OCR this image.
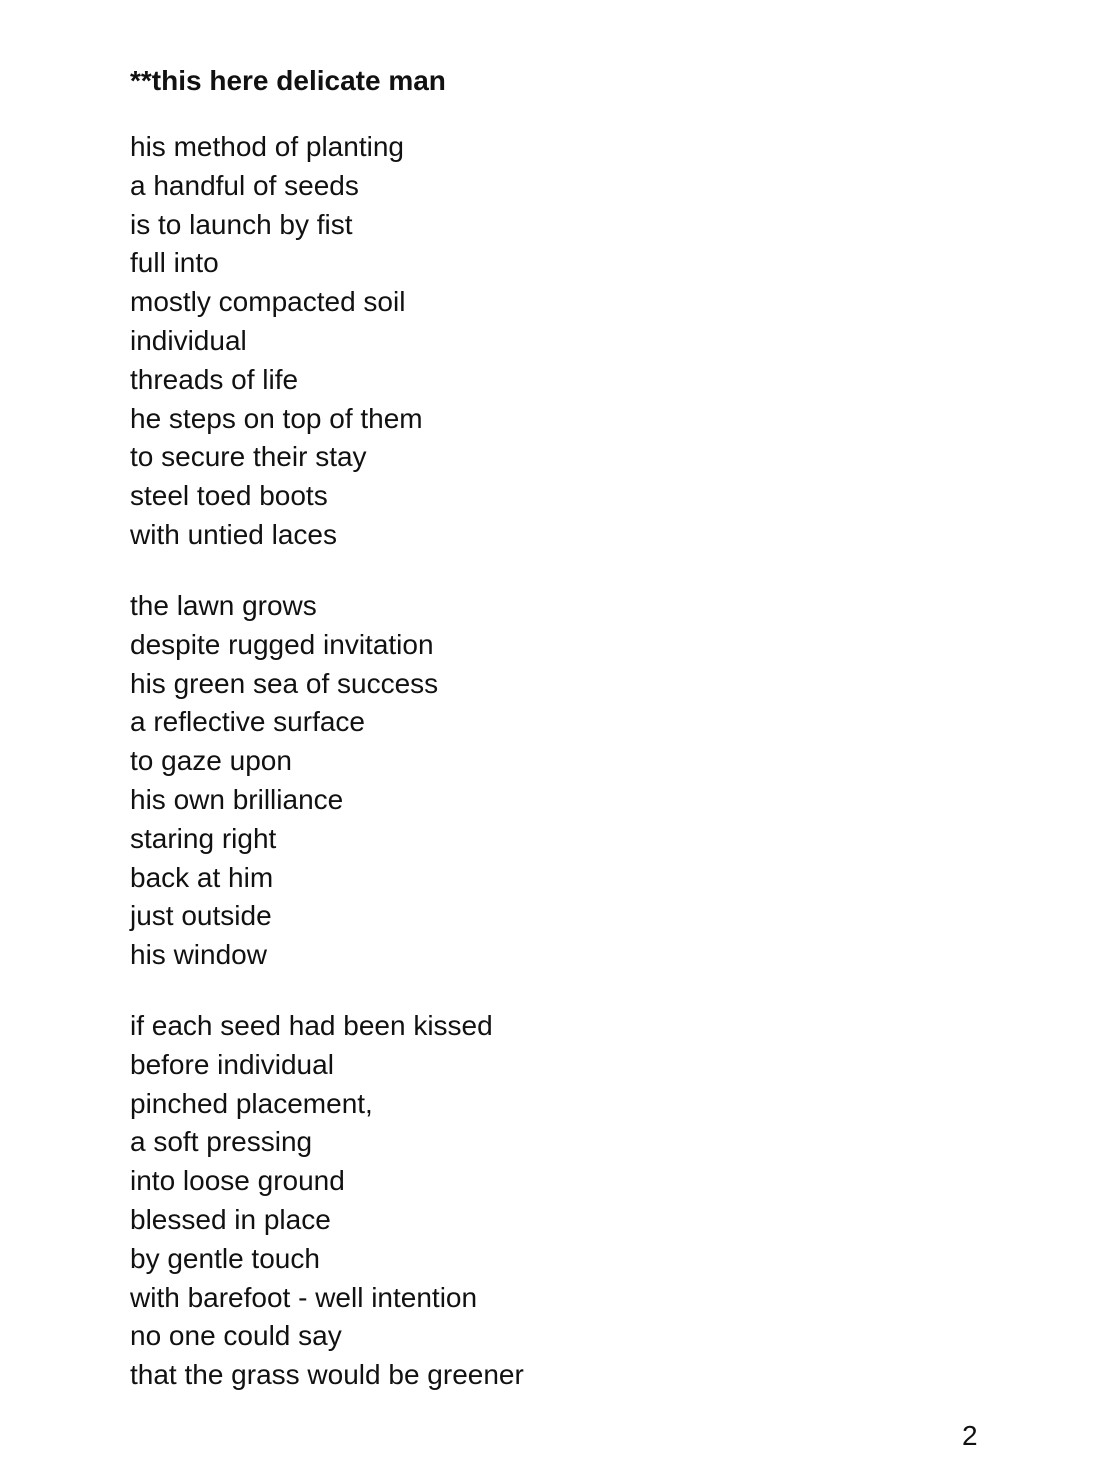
**this here delicate man
his method of planting
a handful of seeds
is to launch by fist
full into
mostly compacted soil
individual
threads of life
he steps on top of them
to secure their stay
steel toed boots
with untied laces
the lawn grows
despite rugged invitation
his green sea of success
a reflective surface
to gaze upon
his own brilliance
staring right
back at him
just outside
his window
if each seed had been kissed
before individual
pinched placement,
a soft pressing
into loose ground
blessed in place
by gentle touch
with barefoot - well intention
no one could say
that the grass would be greener
2
